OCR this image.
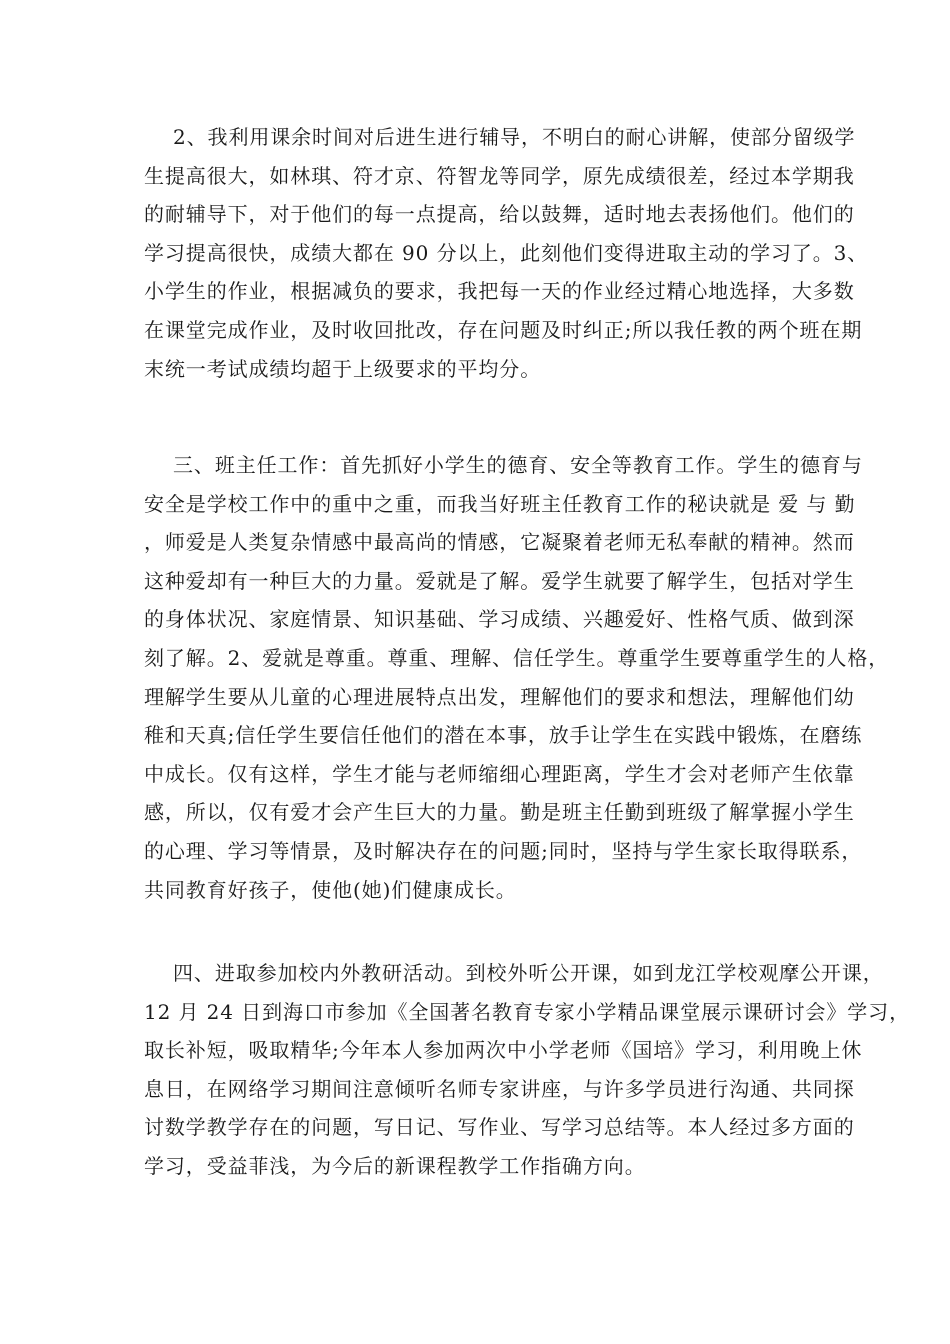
2、我利用课余时间对后进生进行辅导，不明白的耐心讲解，使部分留级学
生提高很大，如林琪、符才京、符智龙等同学，原先成绩很差，经过本学期我
的耐辅导下，对于他们的每一点提高，给以鼓舞，适时地去表扬他们。他们的
学习提高很快，成绩大都在 90 分以上，此刻他们变得进取主动的学习了。3、
小学生的作业，根据减负的要求，我把每一天的作业经过精心地选择，大多数
在课堂完成作业，及时收回批改，存在问题及时纠正;所以我任教的两个班在期
末统一考试成绩均超于上级要求的平均分。
三、班主任工作：首先抓好小学生的德育、安全等教育工作。学生的德育与
安全是学校工作中的重中之重，而我当好班主任教育工作的秘诀就是 爱 与 勤
，师爱是人类复杂情感中最高尚的情感，它凝聚着老师无私奉献的精神。然而
这种爱却有一种巨大的力量。爱就是了解。爱学生就要了解学生，包括对学生
的身体状况、家庭情景、知识基础、学习成绩、兴趣爱好、性格气质、做到深
刻了解。2、爱就是尊重。尊重、理解、信任学生。尊重学生要尊重学生的人格，
理解学生要从儿童的心理进展特点出发，理解他们的要求和想法，理解他们幼
稚和天真;信任学生要信任他们的潜在本事，放手让学生在实践中锻炼，在磨练
中成长。仅有这样，学生才能与老师缩细心理距离，学生才会对老师产生依靠
感，所以，仅有爱才会产生巨大的力量。勤是班主任勤到班级了解掌握小学生
的心理、学习等情景，及时解决存在的问题;同时，坚持与学生家长取得联系，
共同教育好孩子，使他(她)们健康成长。
四、进取参加校内外教研活动。到校外听公开课，如到龙江学校观摩公开课，
12 月 24 日到海口市参加《全国著名教育专家小学精品课堂展示课研讨会》学习，
取长补短，吸取精华;今年本人参加两次中小学老师《国培》学习，利用晚上休
息日，在网络学习期间注意倾听名师专家讲座，与许多学员进行沟通、共同探
讨数学教学存在的问题，写日记、写作业、写学习总结等。本人经过多方面的
学习，受益菲浅，为今后的新课程教学工作指确方向。
